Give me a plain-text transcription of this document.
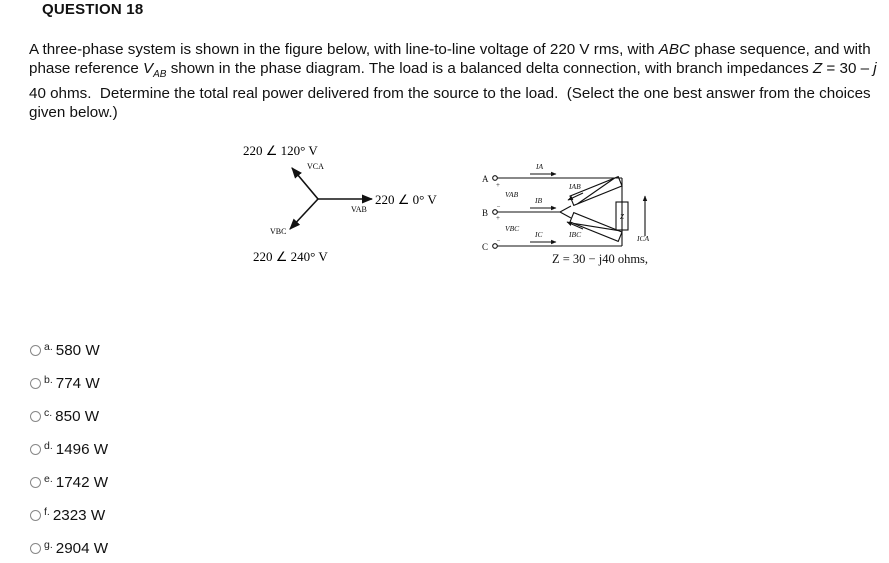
QUESTION 18

A three-phase system is shown in the figure below, with line-to-line voltage of 220 V rms, with ABC phase sequence, and with phase reference $V_{AB}$ shown in the phase diagram. The load is a balanced delta connection, with branch impedances Z = 30 – j 40 ohms.  Determine the total real power delivered from the source to the load.  (Select the one best answer from the choices given below.)

220 ∠ 120° V
VCA
220 ∠ 0° V
VAB
VBC
220 ∠ 240° V
A
B
C
+
+
–
–
VAB
VBC
IA
IB
IC
IAB
IBC
Z
ICA
Z = 30 − j40 ohms,
a. 580 W
b. 774 W
c. 850 W
d. 1496 W
e. 1742 W
f. 2323 W
g. 2904 W
